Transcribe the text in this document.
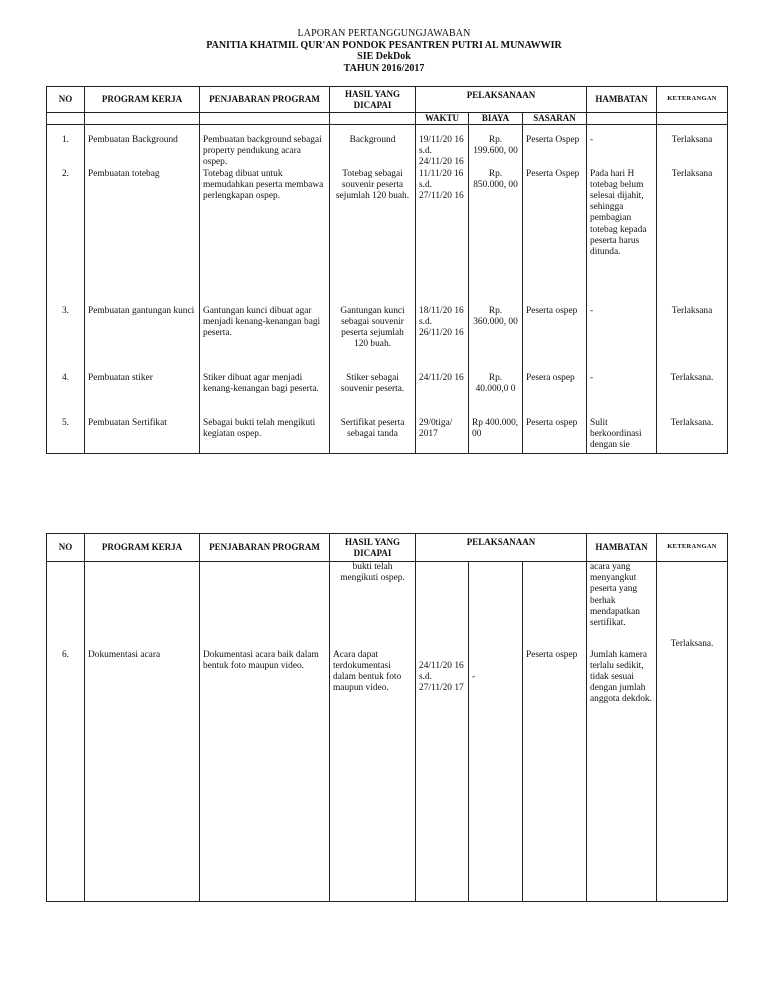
LAPORAN PERTANGGUNGJAWABAN
PANITIA KHATMIL QUR'AN PONDOK PESANTREN PUTRI AL MUNAWWIR
SIE DekDok
TAHUN 2016/2017
NO	PROGRAM KERJA	PENJABARAN PROGRAM	HASIL YANG DICAPAI	PELAKSANAAN			HAMBATAN	KETERANGAN

				WAKTU	BIAYA	SASARAN		
1.	Pembuatan Background	Pembuatan background sebagai property pendukung acara ospep.	Background	19/11/20 16 s.d. 24/11/20 16	Rp. 199.600, 00	Peserta Ospep	-	Terlaksana
2.	Pembuatan totebag	Totebag dibuat untuk memudahkan peserta membawa perlengkapan ospep.	Totebag sebagai souvenir peserta sejumlah 120 buah.	11/11/20 16 s.d. 27/11/20 16	Rp. 850.000, 00	Peserta Ospep	Pada hari H totebag belum selesai dijahit, sehingga pembagian totebag kepada peserta harus ditunda.	Terlaksana
3.	Pembuatan gantungan kunci	Gantungan kunci dibuat agar menjadi kenang-kenangan bagi peserta.	Gantungan kunci sebagai souvenir peserta sejumlah 120 buah.	18/11/20 16 s.d. 26/11/20 16	Rp. 360.000, 00	Peserta ospep	-	Terlaksana
4.	Pembuatan stiker	Stiker dibuat agar menjadi kenang-kenangan bagi peserta.	Stiker sebagai souvenir peserta.	24/11/20 16	Rp. 40.000,0 0	Pesera ospep	-	Terlaksana.
5.	Pembuatan Sertifikat	Sebagai bukti telah mengikuti kegiatan ospep.	Sertifikat peserta sebagai tanda	29/0tiga/ 2017	Rp 400.000, 00	Peserta ospep	Sulit berkoordinasi dengan sie	Terlaksana.
NO	PROGRAM KERJA	PENJABARAN PROGRAM	HASIL YANG DICAPAI	PELAKSANAAN			HAMBATAN	KETERANGAN
			bukti telah mengikuti ospep.				acara yang menyangkut peserta yang berhak mendapatkan sertifikat.	
6.	Dokumentasi acara	Dokumentasi acara baik dalam bentuk foto maupun video.	Acara dapat terdokumentasi dalam bentuk foto maupun video.	24/11/20 16 s.d. 27/11/20 17	-	Peserta ospep	Jumlah kamera terlalu sedikit, tidak sesuai dengan jumlah anggota dekdok.	Terlaksana.
